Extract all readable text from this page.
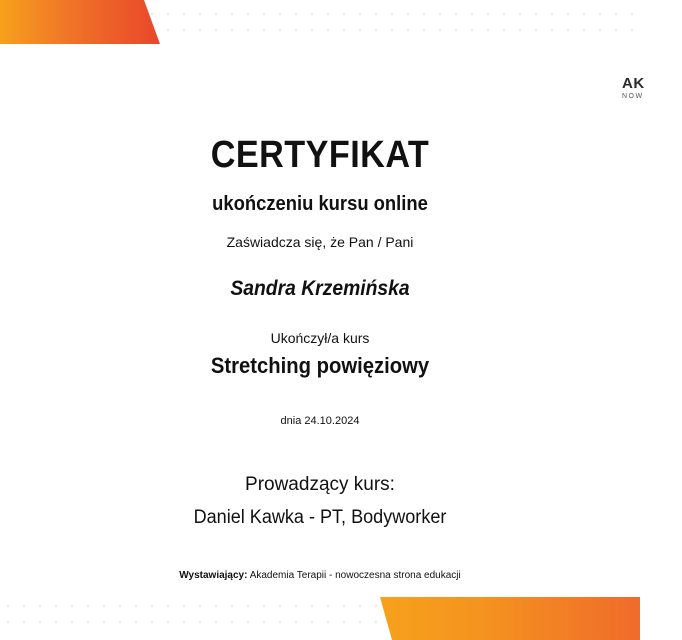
AK
NOW
CERTYFIKAT
ukończeniu kursu online
Zaświadcza się, że Pan / Pani
Sandra Krzemińska
Ukończył/a kurs
Stretching powięziowy
dnia 24.10.2024
Prowadzący kurs:
Daniel Kawka - PT, Bodyworker
Wystawiający: Akademia Terapii - nowoczesna strona edukacji
